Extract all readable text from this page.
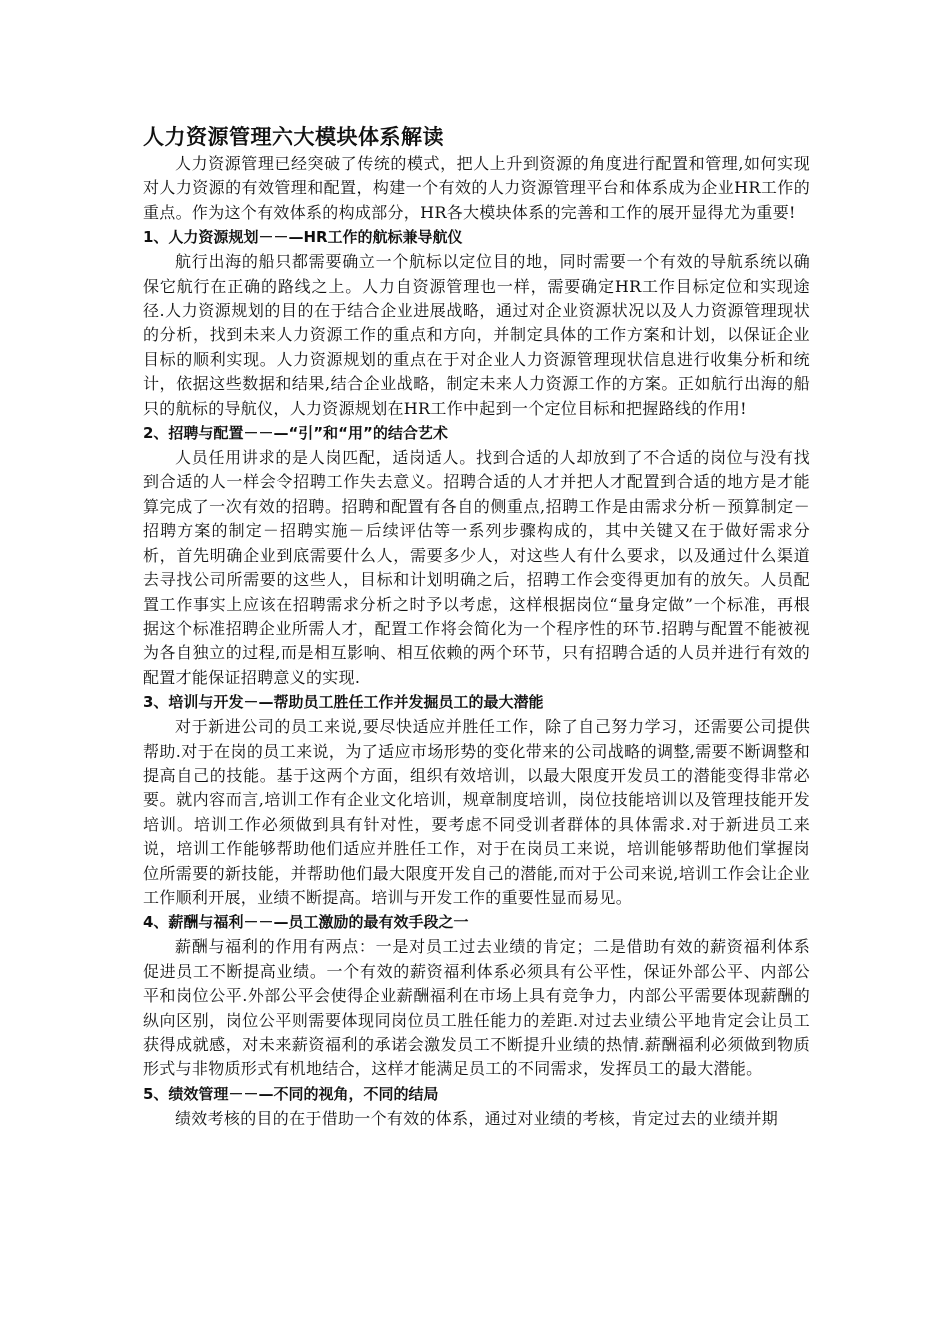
人力资源管理六大模块体系解读

人力资源管理已经突破了传统的模式，把人上升到资源的角度进行配置和管理,如何实现对人力资源的有效管理和配置，构建一个有效的人力资源管理平台和体系成为企业HR工作的重点。作为这个有效体系的构成部分，HR各大模块体系的完善和工作的展开显得尤为重要!

1、人力资源规划－－—HR工作的航标兼导航仪

航行出海的船只都需要确立一个航标以定位目的地，同时需要一个有效的导航系统以确保它航行在正确的路线之上。人力自资源管理也一样，需要确定HR工作目标定位和实现途径.人力资源规划的目的在于结合企业进展战略，通过对企业资源状况以及人力资源管理现状的分析，找到未来人力资源工作的重点和方向，并制定具体的工作方案和计划，以保证企业目标的顺利实现。人力资源规划的重点在于对企业人力资源管理现状信息进行收集分析和统计，依据这些数据和结果,结合企业战略，制定未来人力资源工作的方案。正如航行出海的船只的航标的导航仪，人力资源规划在HR工作中起到一个定位目标和把握路线的作用!

2、招聘与配置－－—“引”和“用”的结合艺术

人员任用讲求的是人岗匹配，适岗适人。找到合适的人却放到了不合适的岗位与没有找到合适的人一样会令招聘工作失去意义。招聘合适的人才并把人才配置到合适的地方是才能算完成了一次有效的招聘。招聘和配置有各自的侧重点,招聘工作是由需求分析－预算制定－招聘方案的制定－招聘实施－后续评估等一系列步骤构成的，其中关键又在于做好需求分析，首先明确企业到底需要什么人，需要多少人，对这些人有什么要求，以及通过什么渠道去寻找公司所需要的这些人，目标和计划明确之后，招聘工作会变得更加有的放矢。人员配置工作事实上应该在招聘需求分析之时予以考虑，这样根据岗位“量身定做”一个标准，再根据这个标准招聘企业所需人才，配置工作将会简化为一个程序性的环节.招聘与配置不能被视为各自独立的过程,而是相互影响、相互依赖的两个环节，只有招聘合适的人员并进行有效的配置才能保证招聘意义的实现.

3、培训与开发－—帮助员工胜任工作并发掘员工的最大潜能

对于新进公司的员工来说,要尽快适应并胜任工作，除了自己努力学习，还需要公司提供帮助.对于在岗的员工来说，为了适应市场形势的变化带来的公司战略的调整,需要不断调整和提高自己的技能。基于这两个方面，组织有效培训，以最大限度开发员工的潜能变得非常必要。就内容而言,培训工作有企业文化培训，规章制度培训，岗位技能培训以及管理技能开发培训。培训工作必须做到具有针对性，要考虑不同受训者群体的具体需求.对于新进员工来说，培训工作能够帮助他们适应并胜任工作，对于在岗员工来说，培训能够帮助他们掌握岗位所需要的新技能，并帮助他们最大限度开发自己的潜能,而对于公司来说,培训工作会让企业工作顺利开展，业绩不断提高。培训与开发工作的重要性显而易见。

4、薪酬与福利－－—员工激励的最有效手段之一

薪酬与福利的作用有两点：一是对员工过去业绩的肯定；二是借助有效的薪资福利体系促进员工不断提高业绩。一个有效的薪资福利体系必须具有公平性，保证外部公平、内部公平和岗位公平.外部公平会使得企业薪酬福利在市场上具有竞争力，内部公平需要体现薪酬的纵向区别，岗位公平则需要体现同岗位员工胜任能力的差距.对过去业绩公平地肯定会让员工获得成就感，对未来薪资福利的承诺会激发员工不断提升业绩的热情.薪酬福利必须做到物质形式与非物质形式有机地结合，这样才能满足员工的不同需求，发挥员工的最大潜能。

5、绩效管理－－—不同的视角，不同的结局

绩效考核的目的在于借助一个有效的体系，通过对业绩的考核，肯定过去的业绩并期
